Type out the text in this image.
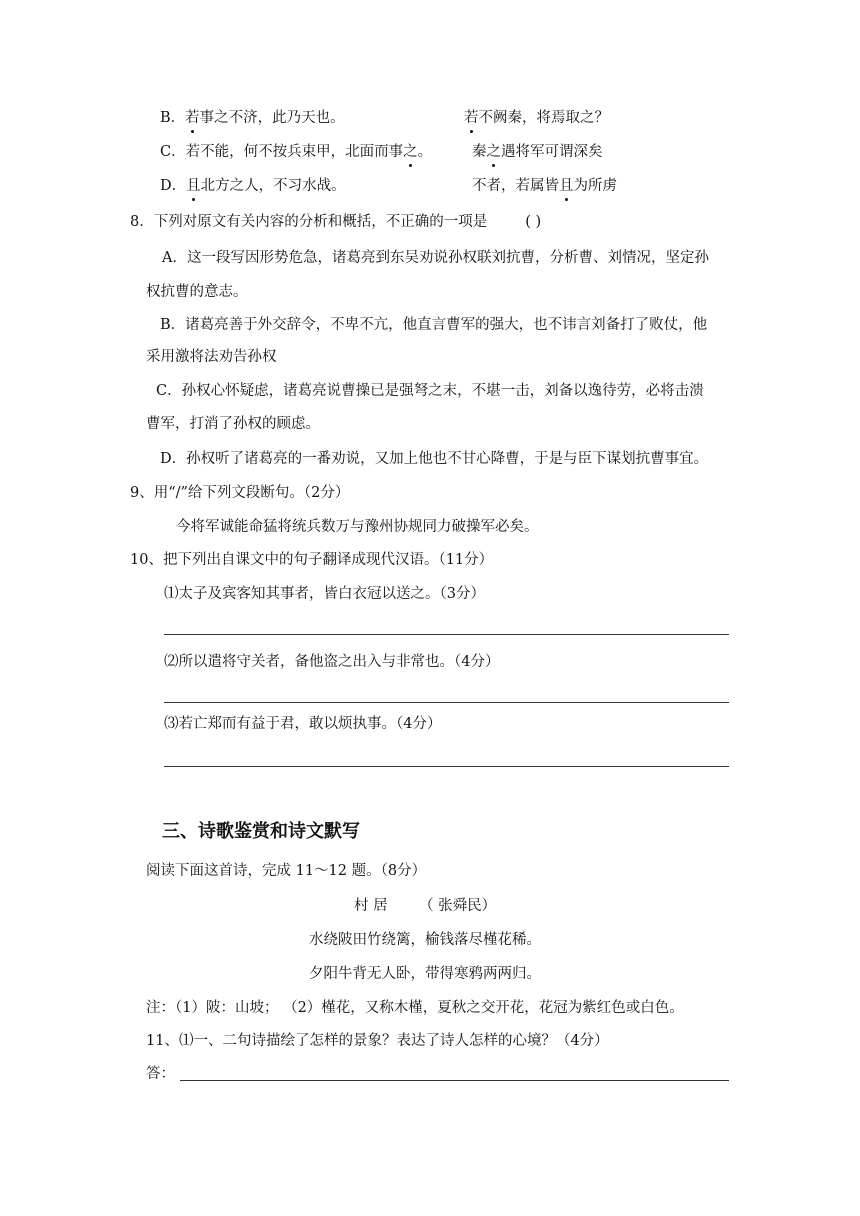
B．若事之不济，此乃天也。	若不阙秦，将焉取之？
C．若不能，何不按兵束甲，北面而事之。	秦之遇将军可谓深矣
D．且北方之人，不习水战。	不者，若属皆且为所虏
8．下列对原文有关内容的分析和概括，不正确的一项是	( )
A．这一段写因形势危急，诸葛亮到东吴劝说孙权联刘抗曹，分析曹、刘情况，坚定孙
权抗曹的意志。
B．诸葛亮善于外交辞令，不卑不亢，他直言曹军的强大，也不讳言刘备打了败仗，他
采用激将法劝告孙权
C．孙权心怀疑虑，诸葛亮说曹操已是强弩之末，不堪一击，刘备以逸待劳，必将击溃
曹军，打消了孙权的顾虑。
D．孙权听了诸葛亮的一番劝说，又加上他也不甘心降曹，于是与臣下谋划抗曹事宜。
9、用“/”给下列文段断句。（2分）
今将军诚能命猛将统兵数万与豫州协规同力破操军必矣。
10、把下列出自课文中的句子翻译成现代汉语。（11分）
⑴太子及宾客知其事者，皆白衣冠以送之。（3分）
⑵所以遣将守关者，备他盗之出入与非常也。（4分）
⑶若亡郑而有益于君，敢以烦执事。（4分）
三、诗歌鉴赏和诗文默写
阅读下面这首诗，完成 11～12 题。（8分）
村 居 （ 张舜民）
水绕陂田竹绕篱，榆钱落尽槿花稀。
夕阳牛背无人卧，带得寒鸦两两归。
注：（1）陂：山坡； （2）槿花，又称木槿，夏秋之交开花，花冠为紫红色或白色。
11、⑴一、二句诗描绘了怎样的景象？表达了诗人怎样的心境？（4分）
答：
